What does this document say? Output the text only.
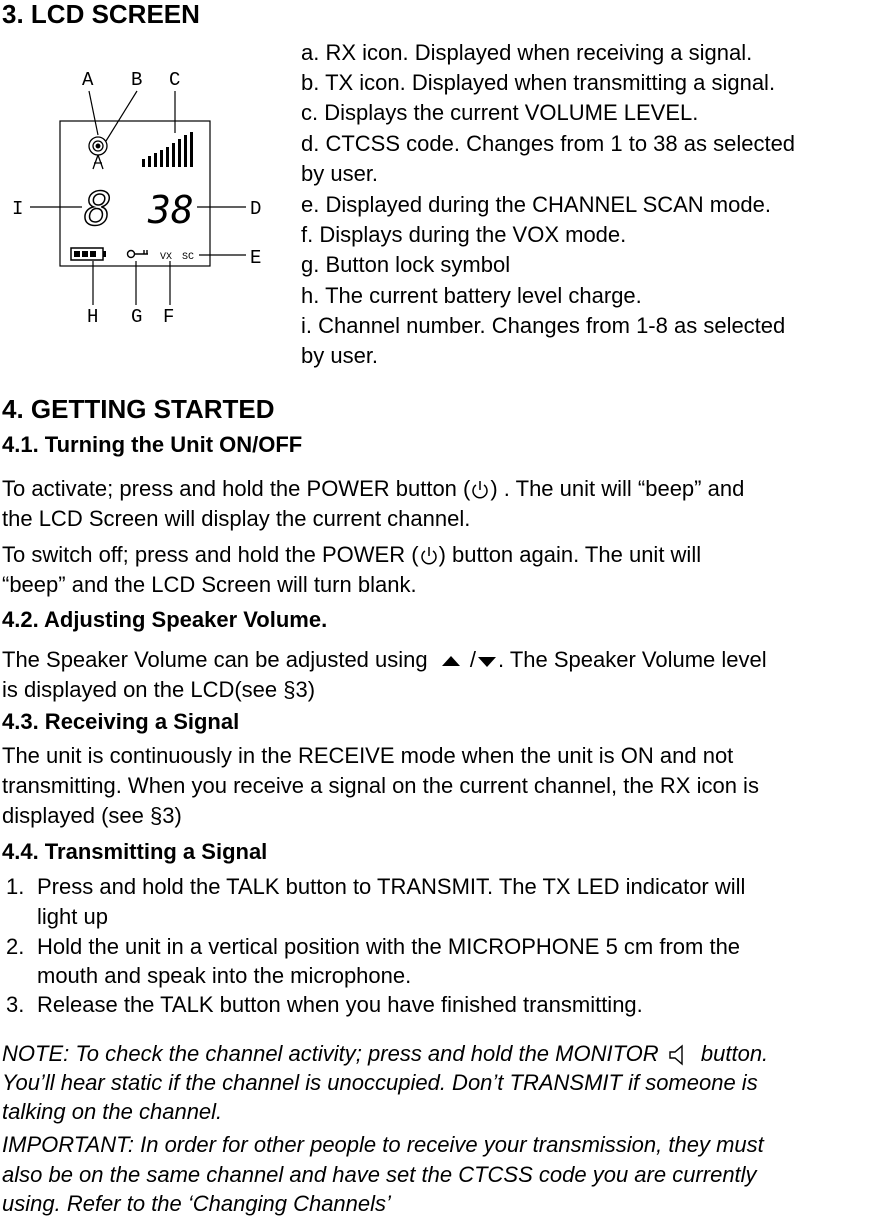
3. LCD SCREEN
A B C
I	D
E
H G F
8 38
VX SC
a. RX icon. Displayed when receiving a signal.
b. TX icon. Displayed when transmitting a signal.
c. Displays the current VOLUME LEVEL.
d. CTCSS code. Changes from 1 to 38 as selected
by user.
e. Displayed during the CHANNEL SCAN mode.
f. Displays during the VOX mode.
g. Button lock symbol
h. The current battery level charge.
i. Channel number. Changes from 1-8 as selected
by user.
4. GETTING STARTED
4.1. Turning the Unit ON/OFF
To activate; press and hold the POWER button ( ) . The unit will “beep” and
the LCD Screen will display the current channel.
To switch off; press and hold the POWER ( ) button again. The unit will
“beep” and the LCD Screen will turn blank.
4.2. Adjusting Speaker Volume.
The Speaker Volume can be adjusted using / . The Speaker Volume level
is displayed on the LCD(see §3)
4.3. Receiving a Signal
The unit is continuously in the RECEIVE mode when the unit is ON and not
transmitting. When you receive a signal on the current channel, the RX icon is
displayed (see §3)
4.4. Transmitting a Signal
1. Press and hold the TALK button to TRANSMIT. The TX LED indicator will
light up
2. Hold the unit in a vertical position with the MICROPHONE 5 cm from the
mouth and speak into the microphone.
3. Release the TALK button when you have finished transmitting.
NOTE: To check the channel activity; press and hold the MONITOR button.
You’ll hear static if the channel is unoccupied. Don’t TRANSMIT if someone is
talking on the channel.
IMPORTANT: In order for other people to receive your transmission, they must
also be on the same channel and have set the CTCSS code you are currently
using. Refer to the ‘Changing Channels’
